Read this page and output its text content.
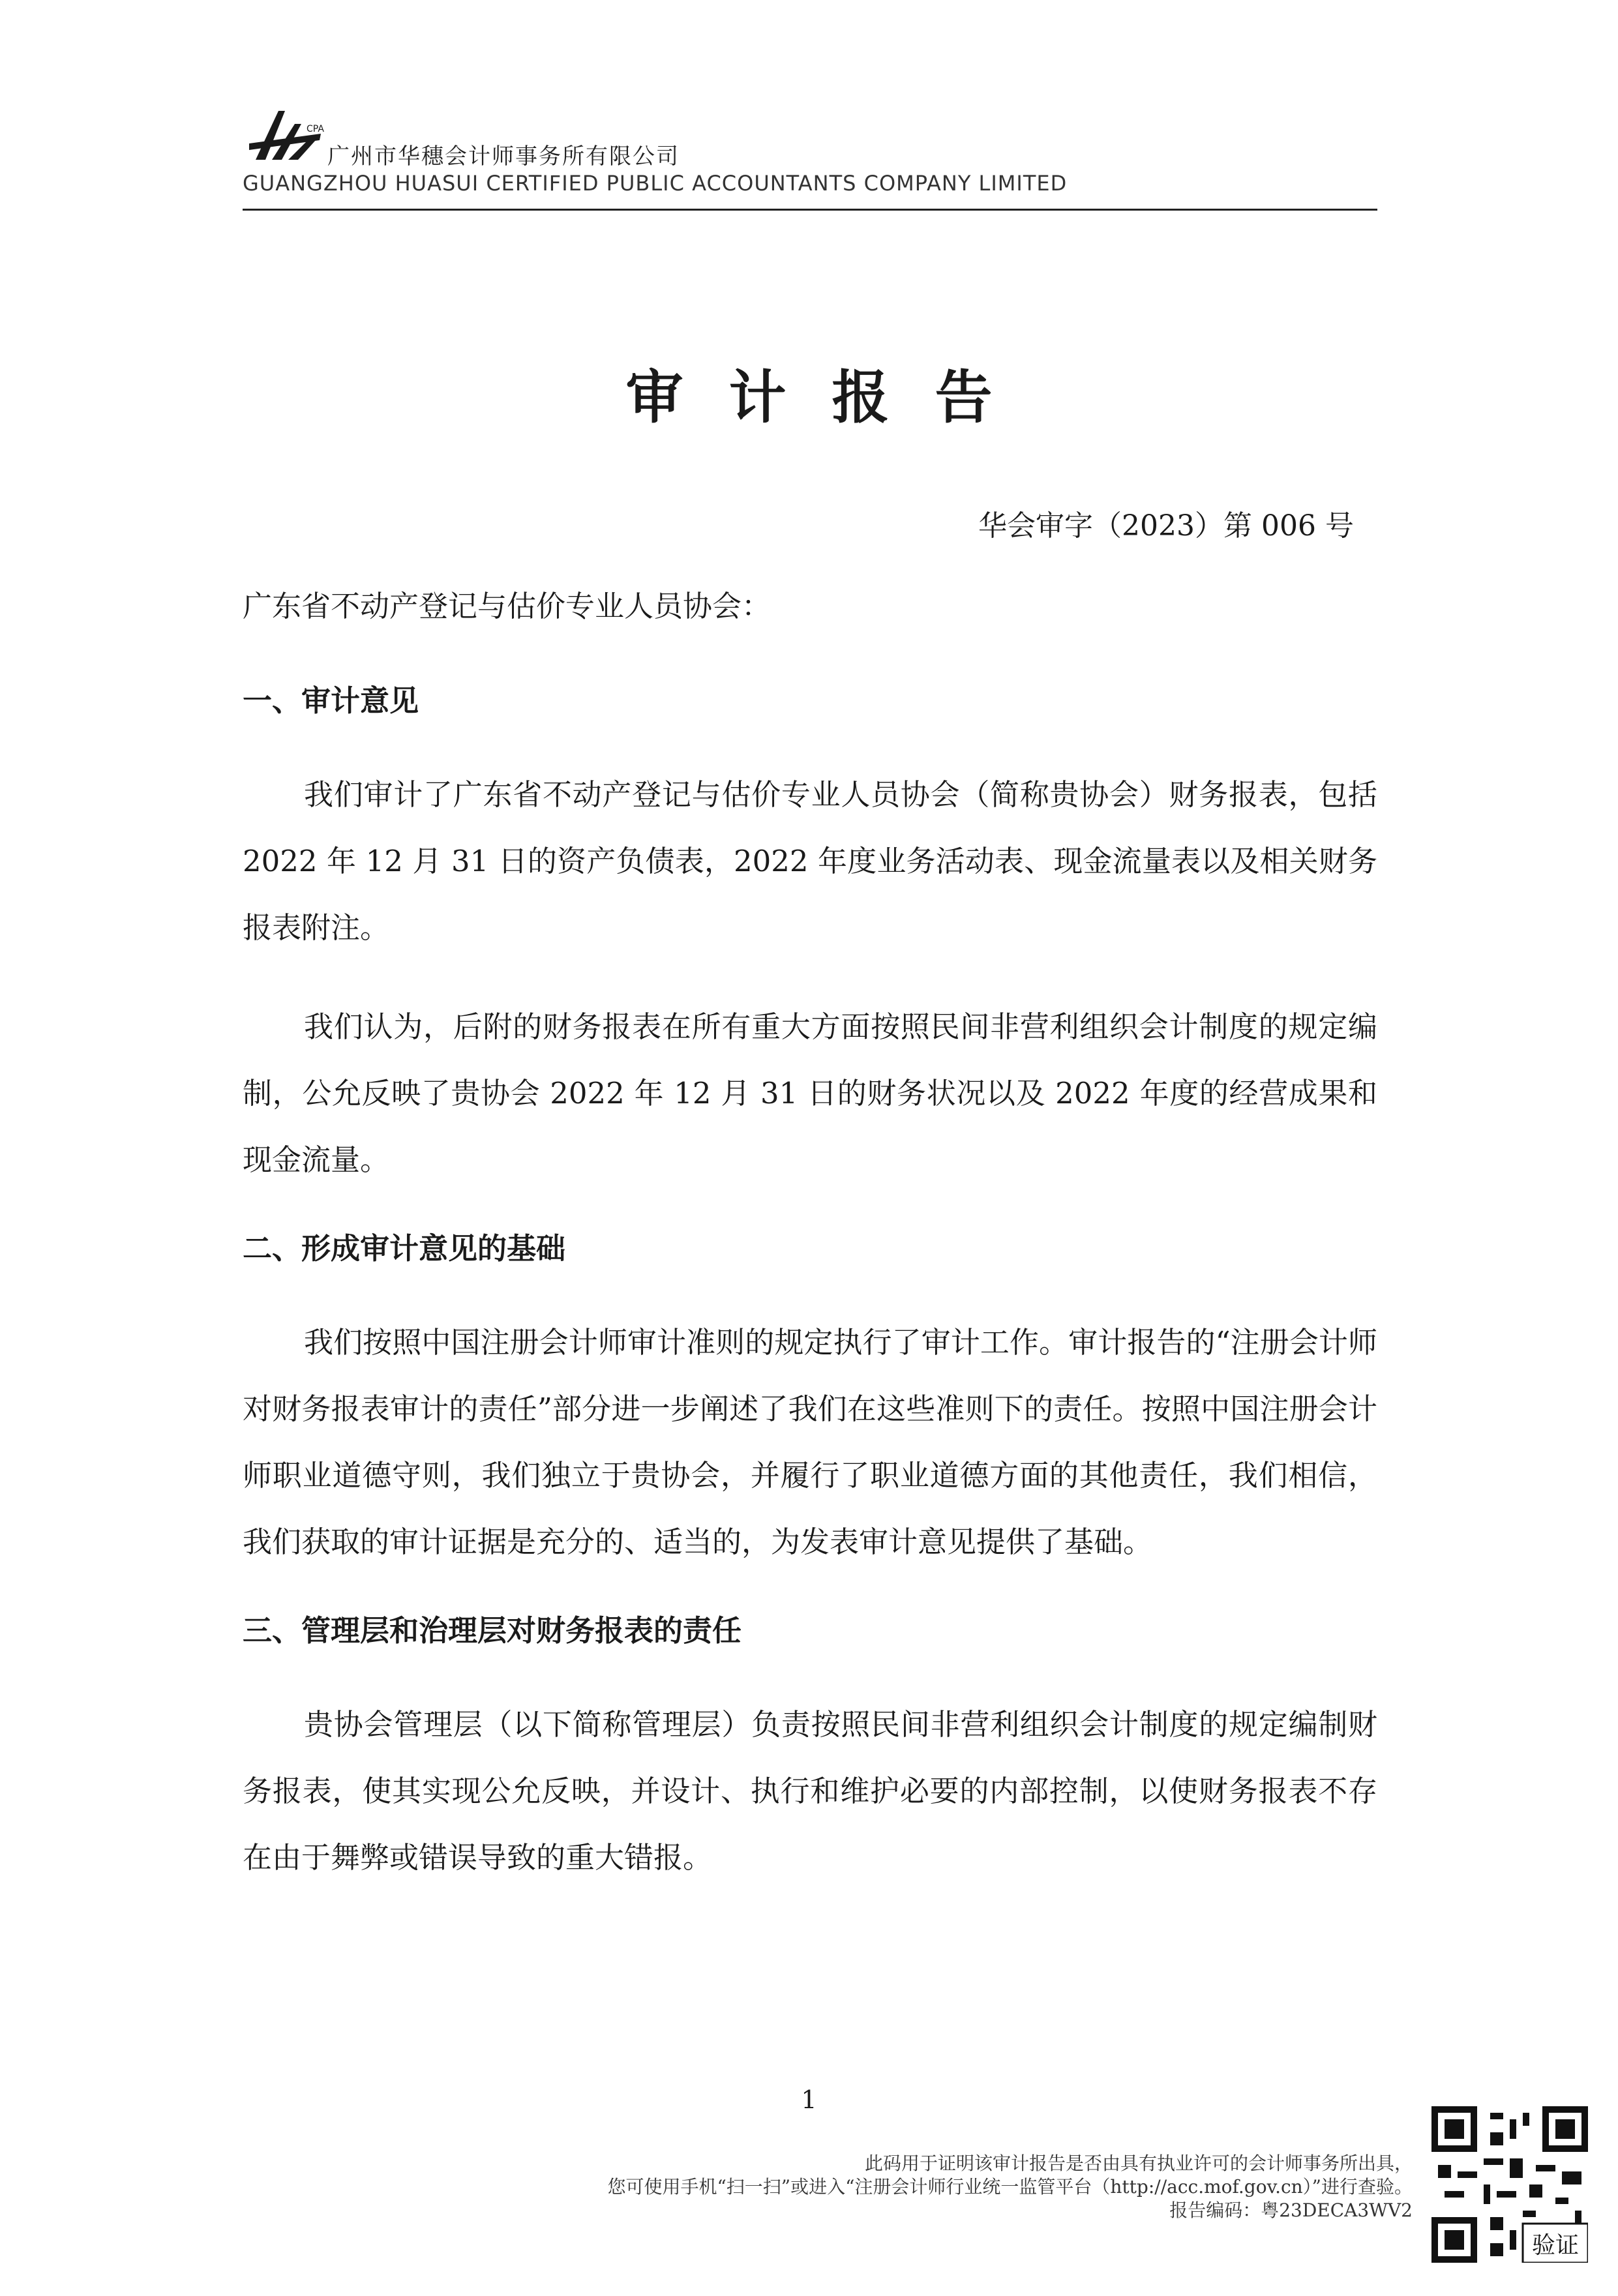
CPA
广州市华穗会计师事务所有限公司
GUANGZHOU HUASUI CERTIFIED PUBLIC ACCOUNTANTS COMPANY LIMITED
审计报告
华会审字（2023）第 006 号

广东省不动产登记与估价专业人员协会：

一、审计意见

我们审计了广东省不动产登记与估价专业人员协会（简称贵协会）财务报表，包括 2022 年 12 月 31 日的资产负债表，2022 年度业务活动表、现金流量表以及相关财务报表附注。

我们认为，后附的财务报表在所有重大方面按照民间非营利组织会计制度的规定编制，公允反映了贵协会 2022 年 12 月 31 日的财务状况以及 2022 年度的经营成果和现金流量。

二、形成审计意见的基础

我们按照中国注册会计师审计准则的规定执行了审计工作。审计报告的“注册会计师对财务报表审计的责任”部分进一步阐述了我们在这些准则下的责任。按照中国注册会计师职业道德守则，我们独立于贵协会，并履行了职业道德方面的其他责任，我们相信，我们获取的审计证据是充分的、适当的，为发表审计意见提供了基础。

三、管理层和治理层对财务报表的责任

贵协会管理层（以下简称管理层）负责按照民间非营利组织会计制度的规定编制财务报表，使其实现公允反映，并设计、执行和维护必要的内部控制，以使财务报表不存在由于舞弊或错误导致的重大错报。

1
此码用于证明该审计报告是否由具有执业许可的会计师事务所出具，
您可使用手机“扫一扫”或进入“注册会计师行业统一监管平台（http://acc.mof.gov.cn）”进行查验。
报告编码：粤23DECA3WV2
验证
